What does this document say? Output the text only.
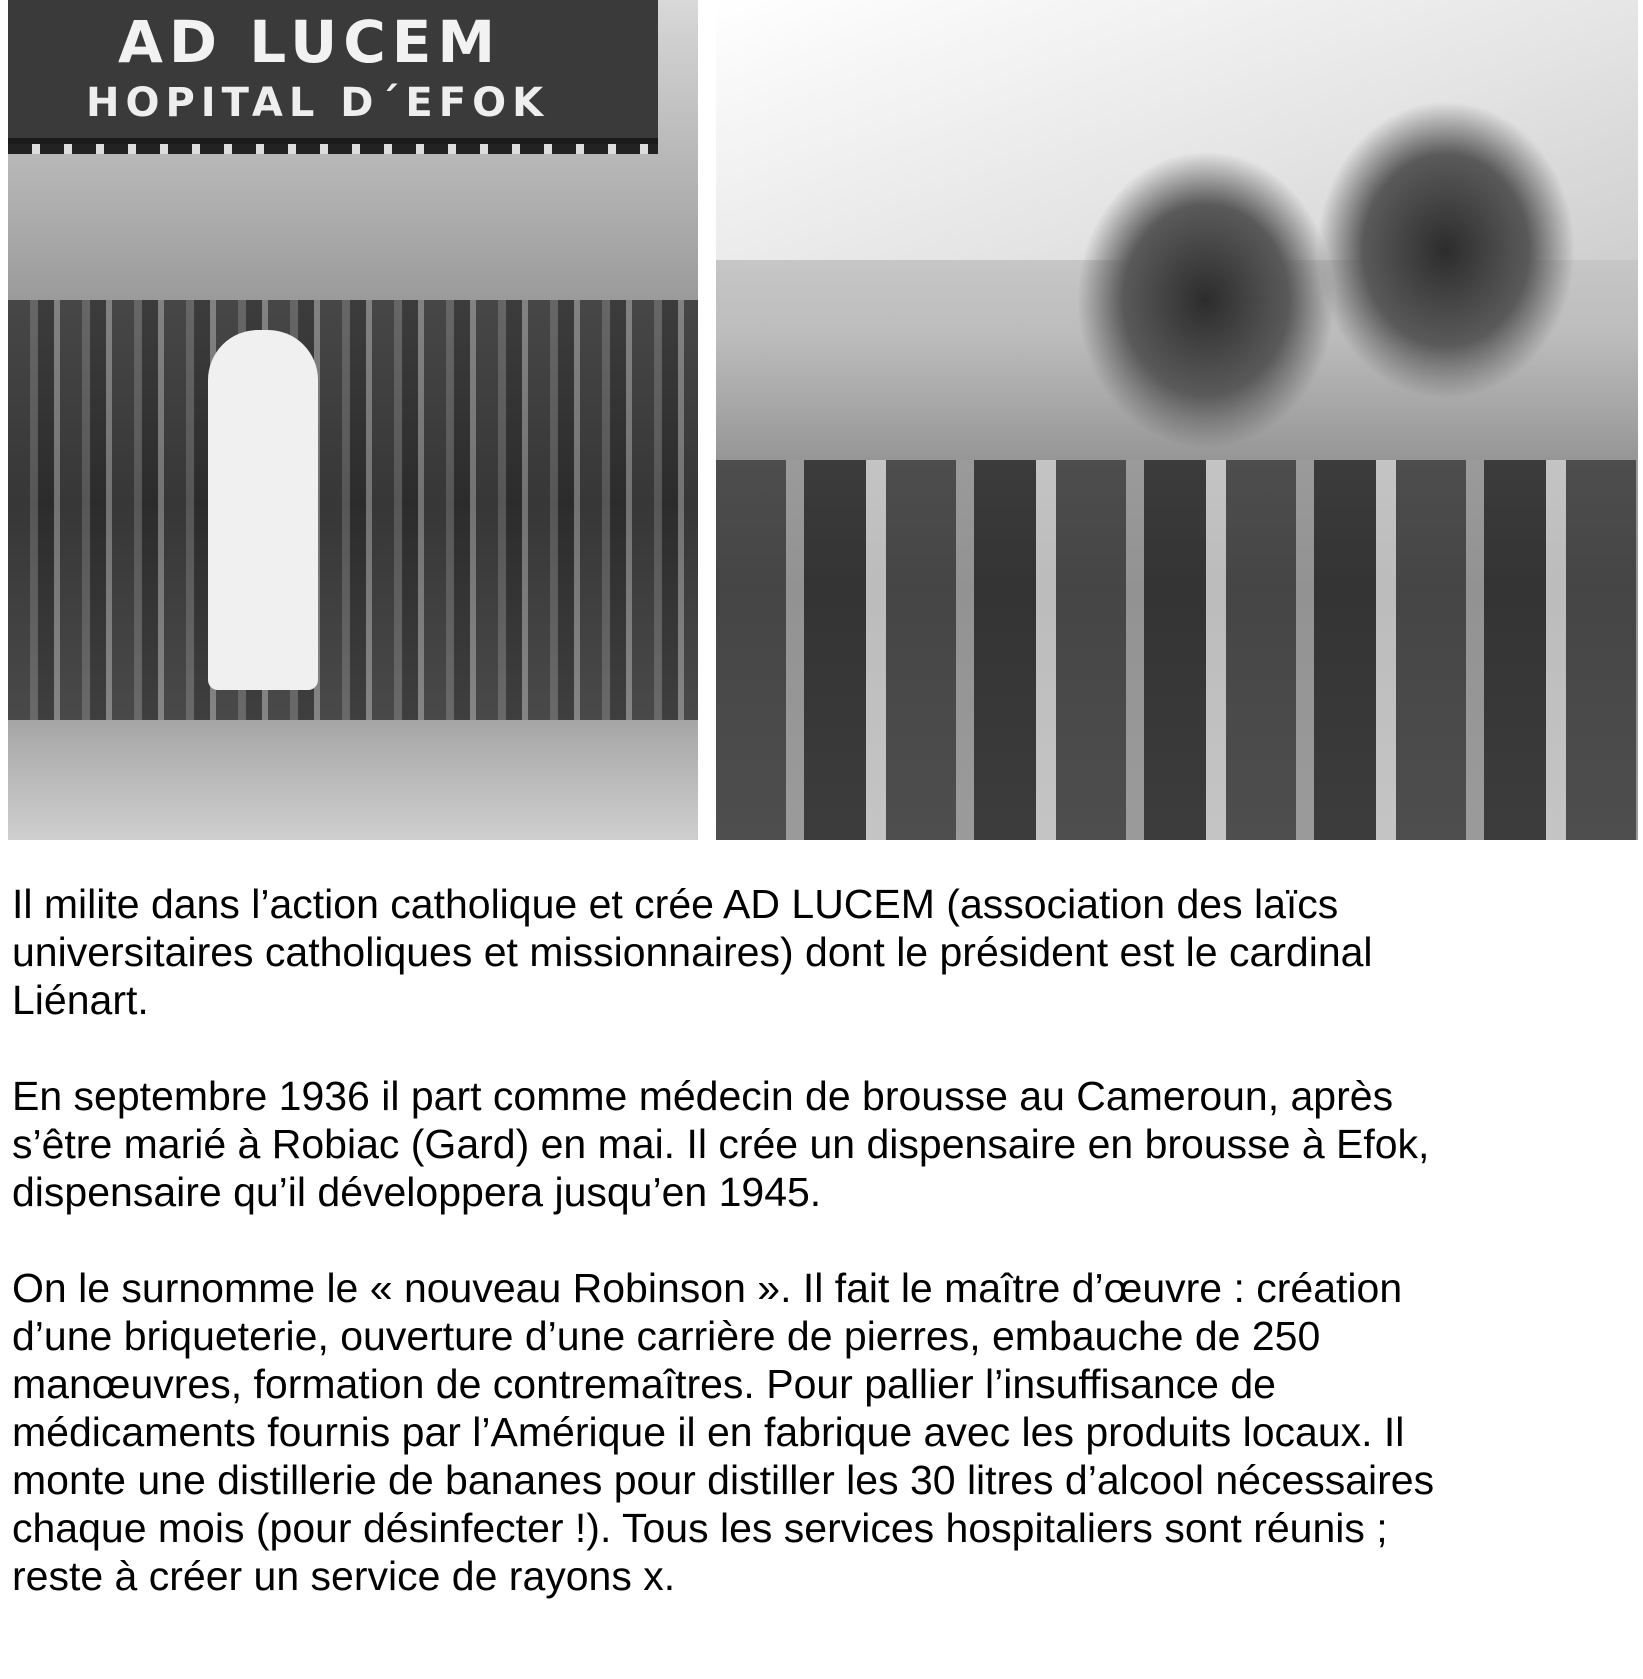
AD LUCEM
HOPITAL D´EFOK

Il milite dans l’action catholique et crée AD LUCEM (association des laïcs
universitaires catholiques et missionnaires) dont le président est le cardinal
Liénart.

En septembre 1936 il part comme médecin de brousse au Cameroun, après
s’être marié à Robiac (Gard) en mai. Il crée un dispensaire en brousse à Efok,
dispensaire qu’il développera jusqu’en 1945.

On le surnomme le « nouveau Robinson ». Il fait le maître d’œuvre : création
d’une briqueterie, ouverture d’une carrière de pierres, embauche de 250
manœuvres, formation de contremaîtres. Pour pallier l’insuffisance de
médicaments fournis par l’Amérique il en fabrique avec les produits locaux. Il
monte une distillerie de bananes pour distiller les 30 litres d’alcool nécessaires
chaque mois (pour désinfecter !). Tous les services hospitaliers sont réunis ;
reste à créer un service de rayons x.
